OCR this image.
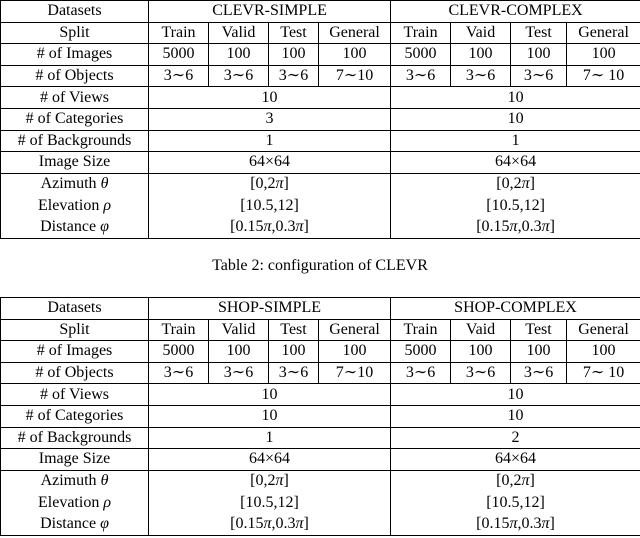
Datasets	CLEVR-SIMPLE				CLEVR-COMPLEX			
Split	Train	Valid	Test	General	Train	Vaid	Test	General
# of Images	5000	100	100	100	5000	100	100	100
# of Objects	3∼6	3∼6	3∼6	7∼10	3∼6	3∼6	3∼6	7∼ 10
# of Views	10				10			
# of Categories	3				10			
# of Backgrounds	1				1			
Image Size	64×64				64×64			
Azimuth θ	[0,2π]				[0,2π]			
Elevation ρ	[10.5,12]				[10.5,12]			
Distance φ	[0.15π,0.3π]				[0.15π,0.3π]			
Datasets	SHOP-SIMPLE				SHOP-COMPLEX			
Split	Train	Valid	Test	General	Train	Vaid	Test	General
# of Images	5000	100	100	100	5000	100	100	100
# of Objects	3∼6	3∼6	3∼6	7∼10	3∼6	3∼6	3∼6	7∼ 10
# of Views	10				10			
# of Categories	10				10			
# of Backgrounds	1				2			
Image Size	64×64				64×64			
Azimuth θ	[0,2π]				[0,2π]			
Elevation ρ	[10.5,12]				[10.5,12]			
Distance φ	[0.15π,0.3π]				[0.15π,0.3π]			
Table 2: configuration of CLEVR
